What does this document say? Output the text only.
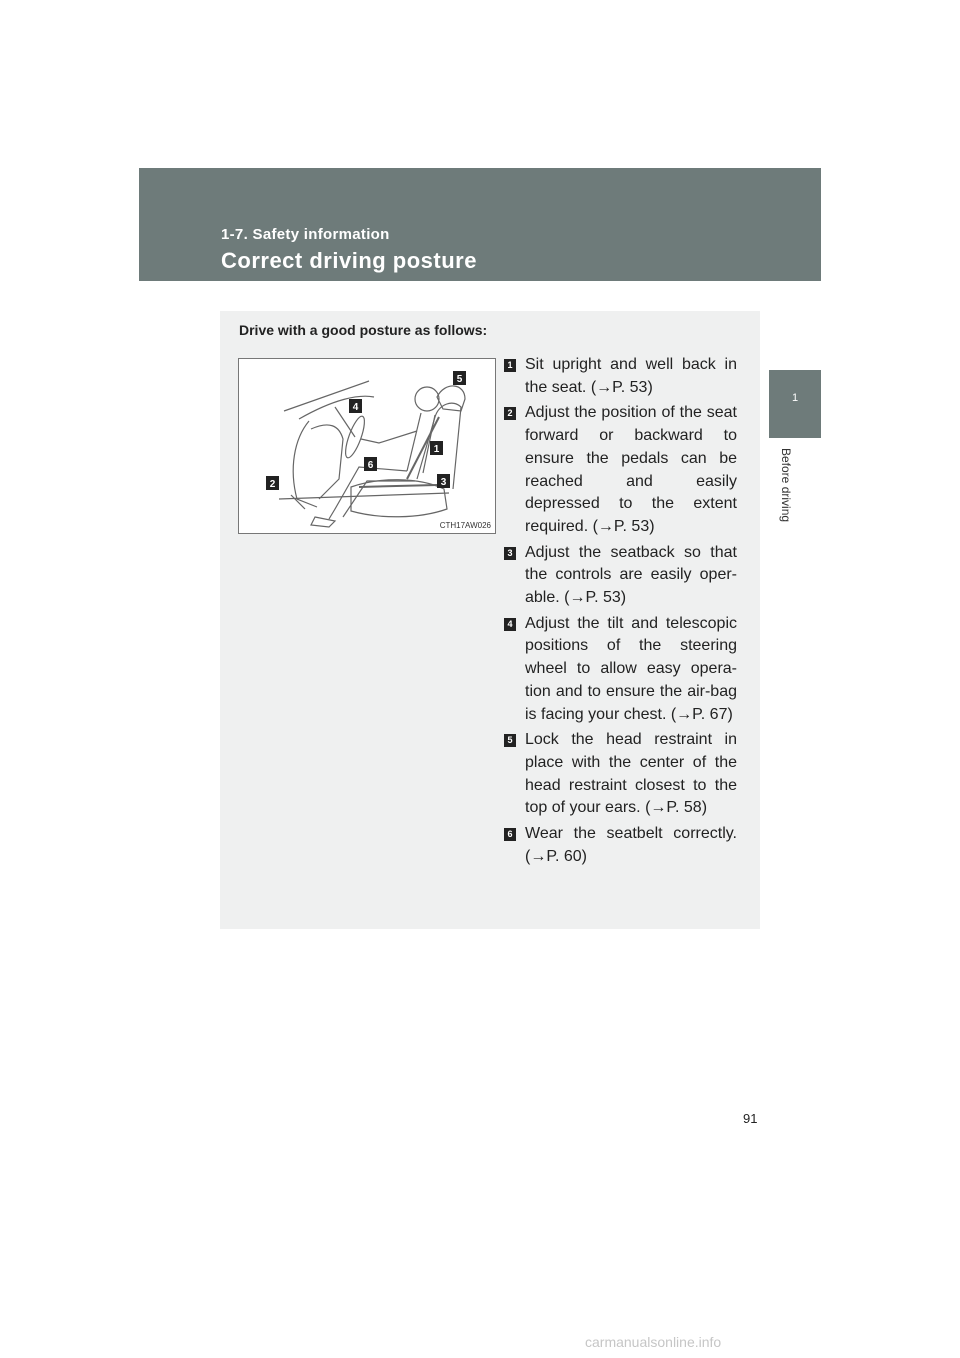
1-7. Safety information
Correct driving posture
1
Before driving
Drive with a good posture as follows:
5
4
1
6
3
2
CTH17AW026
1 Sit upright and well back in the seat. (→P. 53)
2 Adjust the position of the seat forward or backward to ensure the pedals can be reached and easily depressed to the extent required. (→P. 53)
3 Adjust the seatback so that the controls are easily oper-able. (→P. 53)
4 Adjust the tilt and telescopic positions of the steering wheel to allow easy opera-tion and to ensure the air-bag is facing your chest. (→P. 67)
5 Lock the head restraint in place with the center of the head restraint closest to the top of your ears. (→P. 58)
6 Wear the seatbelt correctly. (→P. 60)
91
carmanualsonline.info
